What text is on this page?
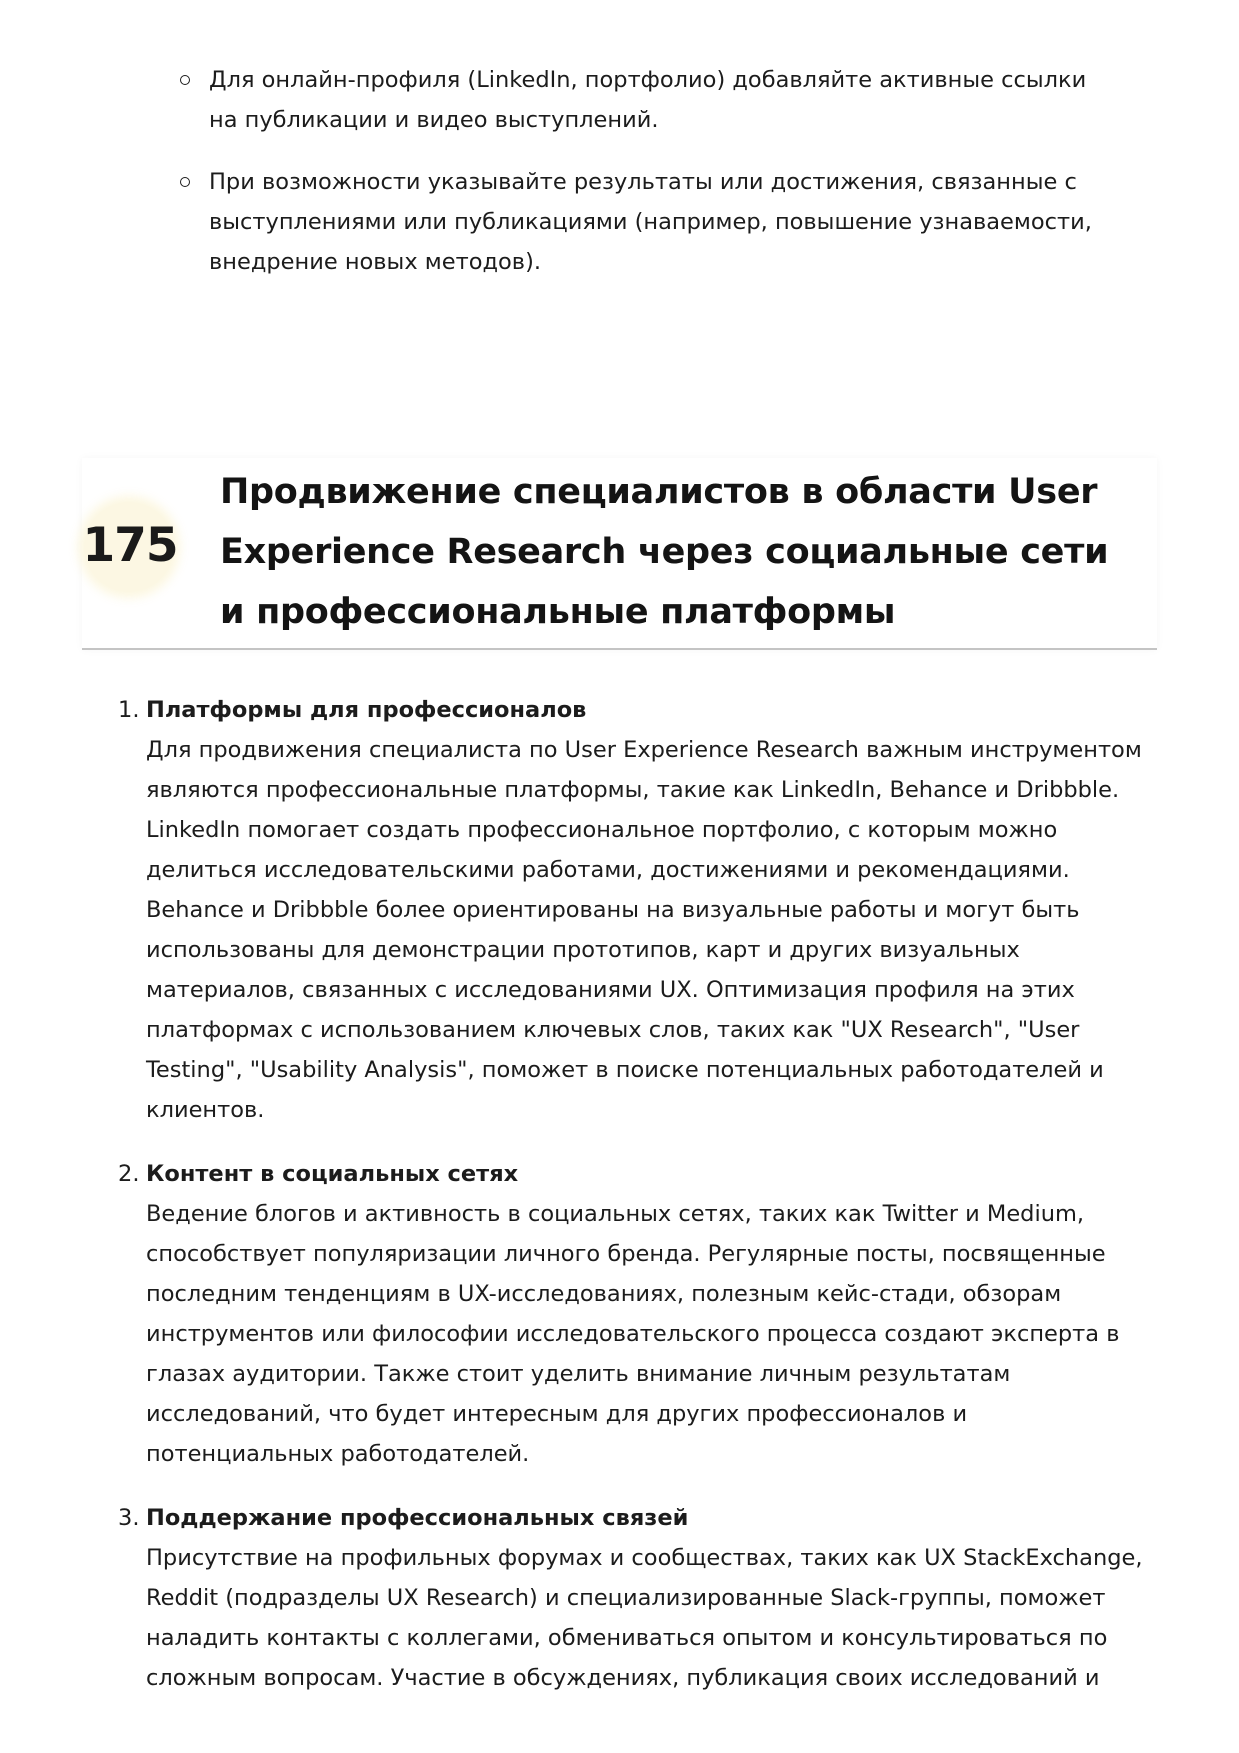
Для онлайн-профиля (LinkedIn, портфолио) добавляйте активные ссылки на публикации и видео выступлений.
При возможности указывайте результаты или достижения, связанные с выступлениями или публикациями (например, повышение узнаваемости, внедрение новых методов).
175
Продвижение специалистов в области User Experience Research через социальные сети и профессиональные платформы
1. Платформы для профессионалов

Для продвижения специалиста по User Experience Research важным инструментом являются профессиональные платформы, такие как LinkedIn, Behance и Dribbble. LinkedIn помогает создать профессиональное портфолио, с которым можно делиться исследовательскими работами, достижениями и рекомендациями. Behance и Dribbble более ориентированы на визуальные работы и могут быть использованы для демонстрации прототипов, карт и других визуальных материалов, связанных с исследованиями UX. Оптимизация профиля на этих платформах с использованием ключевых слов, таких как "UX Research", "User Testing", "Usability Analysis", поможет в поиске потенциальных работодателей и клиентов.

2. Контент в социальных сетях

Ведение блогов и активность в социальных сетях, таких как Twitter и Medium, способствует популяризации личного бренда. Регулярные посты, посвященные последним тенденциям в UX-исследованиях, полезным кейс-стади, обзорам инструментов или философии исследовательского процесса создают эксперта в глазах аудитории. Также стоит уделить внимание личным результатам исследований, что будет интересным для других профессионалов и потенциальных работодателей.

3. Поддержание профессиональных связей

Присутствие на профильных форумах и сообществах, таких как UX StackExchange, Reddit (подразделы UX Research) и специализированные Slack-группы, поможет наладить контакты с коллегами, обмениваться опытом и консультироваться по сложным вопросам. Участие в обсуждениях, публикация своих исследований и
